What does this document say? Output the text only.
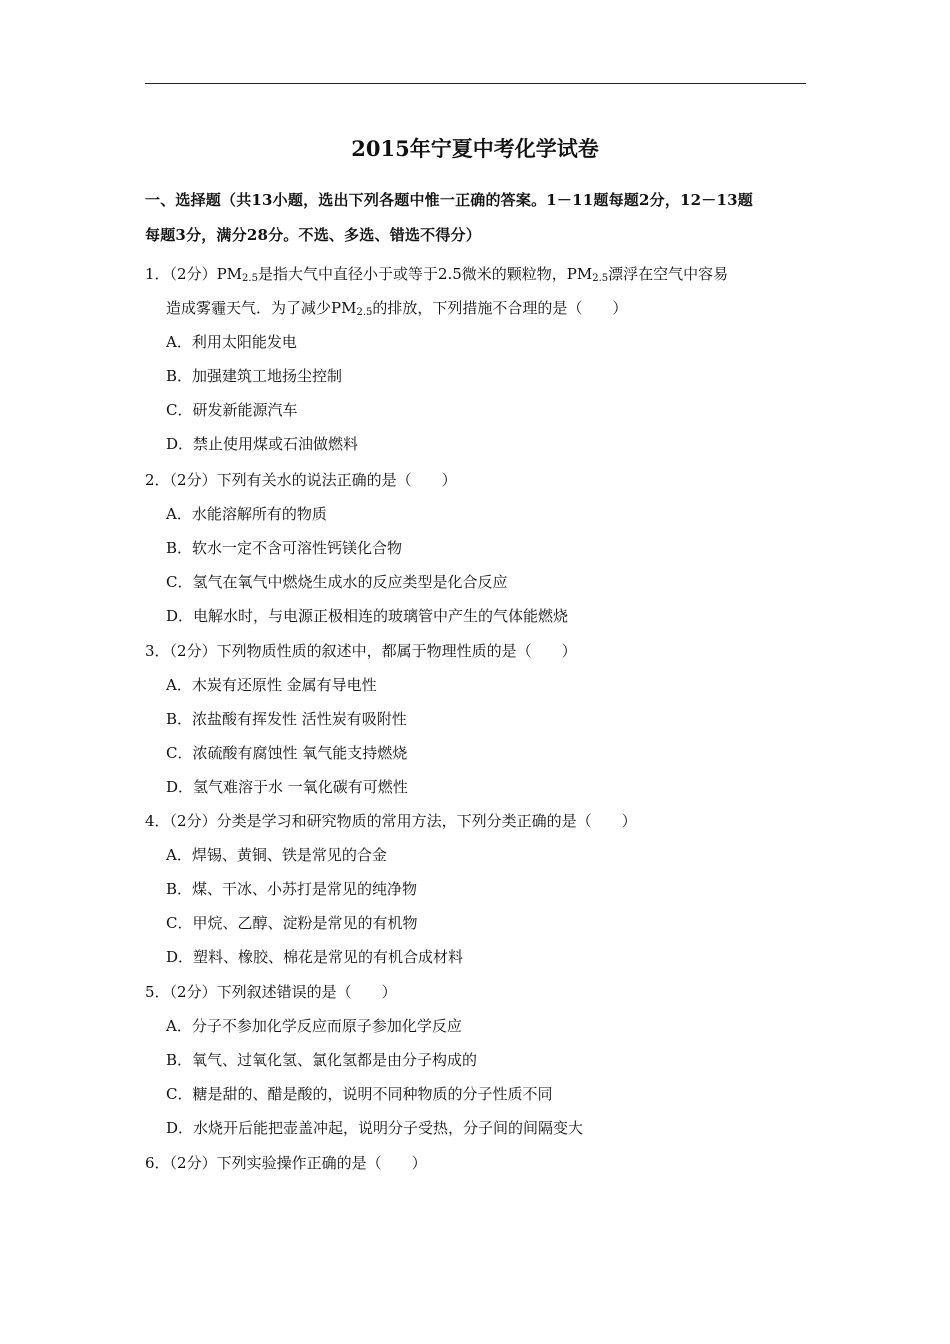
2015年宁夏中考化学试卷
一、选择题（共13小题，选出下列各题中惟一正确的答案。1－11题每题2分，12－13题
每题3分，满分28分。不选、多选、错选不得分）
1．（2分）$PM_{2.5}$是指大气中直径小于或等于2.5微米的颗粒物，$PM_{2.5}$漂浮在空气中容易
造成雾霾天气．为了减少$PM_{2.5}$的排放，下列措施不合理的是（　　）
A．利用太阳能发电
B．加强建筑工地扬尘控制
C．研发新能源汽车
D．禁止使用煤或石油做燃料
2．（2分）下列有关水的说法正确的是（　　）
A．水能溶解所有的物质
B．软水一定不含可溶性钙镁化合物
C．氢气在氧气中燃烧生成水的反应类型是化合反应
D．电解水时，与电源正极相连的玻璃管中产生的气体能燃烧
3．（2分）下列物质性质的叙述中，都属于物理性质的是（　　）
A．木炭有还原性 金属有导电性
B．浓盐酸有挥发性 活性炭有吸附性
C．浓硫酸有腐蚀性 氧气能支持燃烧
D．氢气难溶于水 一氧化碳有可燃性
4．（2分）分类是学习和研究物质的常用方法，下列分类正确的是（　　）
A．焊锡、黄铜、铁是常见的合金
B．煤、干冰、小苏打是常见的纯净物
C．甲烷、乙醇、淀粉是常见的有机物
D．塑料、橡胶、棉花是常见的有机合成材料
5．（2分）下列叙述错误的是（　　）
A．分子不参加化学反应而原子参加化学反应
B．氧气、过氧化氢、氯化氢都是由分子构成的
C．糖是甜的、醋是酸的，说明不同种物质的分子性质不同
D．水烧开后能把壶盖冲起，说明分子受热，分子间的间隔变大
6．（2分）下列实验操作正确的是（　　）
